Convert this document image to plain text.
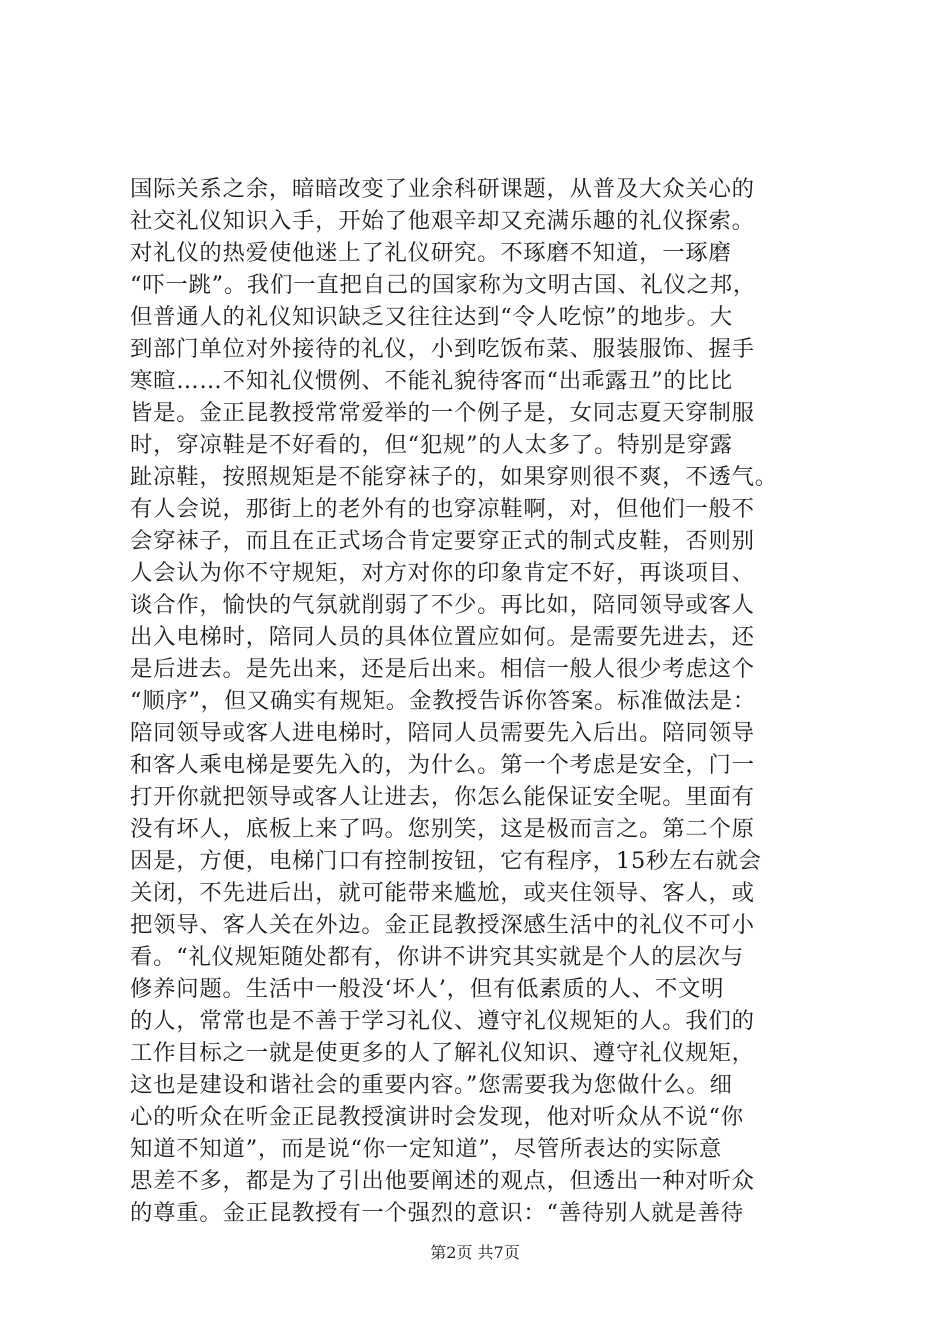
国际关系之余，暗暗改变了业余科研课题，从普及大众关心的
社交礼仪知识入手，开始了他艰辛却又充满乐趣的礼仪探索。
对礼仪的热爱使他迷上了礼仪研究。不琢磨不知道，一琢磨
“吓一跳”。我们一直把自己的国家称为文明古国、礼仪之邦，
但普通人的礼仪知识缺乏又往往达到“令人吃惊”的地步。大
到部门单位对外接待的礼仪，小到吃饭布菜、服装服饰、握手
寒暄……不知礼仪惯例、不能礼貌待客而“出乖露丑”的比比
皆是。金正昆教授常常爱举的一个例子是，女同志夏天穿制服
时，穿凉鞋是不好看的，但“犯规”的人太多了。特别是穿露
趾凉鞋，按照规矩是不能穿袜子的，如果穿则很不爽，不透气。
有人会说，那街上的老外有的也穿凉鞋啊，对，但他们一般不
会穿袜子，而且在正式场合肯定要穿正式的制式皮鞋，否则别
人会认为你不守规矩，对方对你的印象肯定不好，再谈项目、
谈合作，愉快的气氛就削弱了不少。再比如，陪同领导或客人
出入电梯时，陪同人员的具体位置应如何。是需要先进去，还
是后进去。是先出来，还是后出来。相信一般人很少考虑这个
“顺序”，但又确实有规矩。金教授告诉你答案。标准做法是：
陪同领导或客人进电梯时，陪同人员需要先入后出。陪同领导
和客人乘电梯是要先入的，为什么。第一个考虑是安全，门一
打开你就把领导或客人让进去，你怎么能保证安全呢。里面有
没有坏人，底板上来了吗。您别笑，这是极而言之。第二个原
因是，方便，电梯门口有控制按钮，它有程序，15秒左右就会
关闭，不先进后出，就可能带来尴尬，或夹住领导、客人，或
把领导、客人关在外边。金正昆教授深感生活中的礼仪不可小
看。“礼仪规矩随处都有，你讲不讲究其实就是个人的层次与
修养问题。生活中一般没‘坏人’，但有低素质的人、不文明
的人，常常也是不善于学习礼仪、遵守礼仪规矩的人。我们的
工作目标之一就是使更多的人了解礼仪知识、遵守礼仪规矩，
这也是建设和谐社会的重要内容。”您需要我为您做什么。细
心的听众在听金正昆教授演讲时会发现，他对听众从不说“你
知道不知道”，而是说“你一定知道”，尽管所表达的实际意
思差不多，都是为了引出他要阐述的观点，但透出一种对听众
的尊重。金正昆教授有一个强烈的意识：“善待别人就是善待
第2页 共7页
